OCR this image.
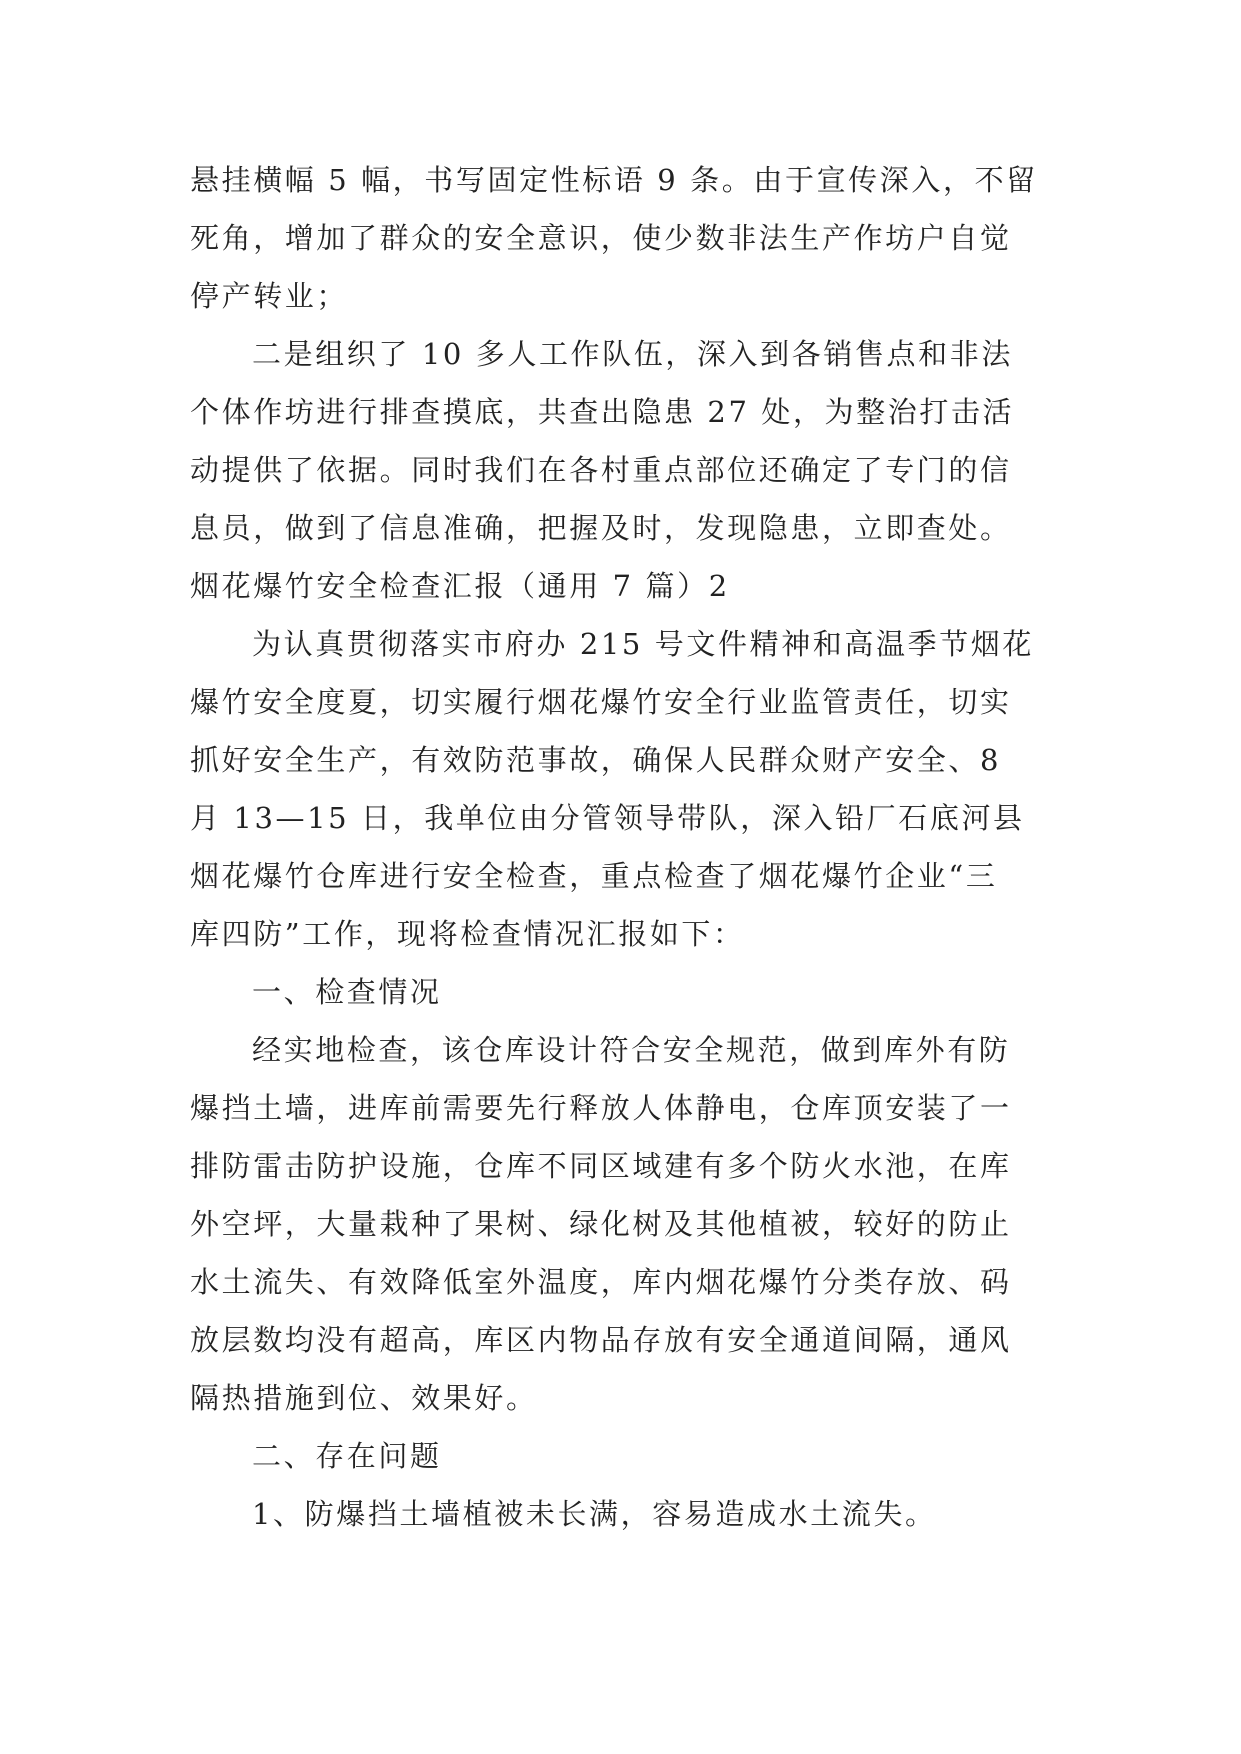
悬挂横幅 5 幅，书写固定性标语 9 条。由于宣传深入，不留
死角，增加了群众的安全意识，使少数非法生产作坊户自觉
停产转业；
二是组织了 10 多人工作队伍，深入到各销售点和非法
个体作坊进行排查摸底，共查出隐患 27 处，为整治打击活
动提供了依据。同时我们在各村重点部位还确定了专门的信
息员，做到了信息准确，把握及时，发现隐患，立即查处。
烟花爆竹安全检查汇报（通用 7 篇）2
为认真贯彻落实市府办 215 号文件精神和高温季节烟花
爆竹安全度夏，切实履行烟花爆竹安全行业监管责任，切实
抓好安全生产，有效防范事故，确保人民群众财产安全、8
月 13—15 日，我单位由分管领导带队，深入铅厂石底河县
烟花爆竹仓库进行安全检查，重点检查了烟花爆竹企业“三
库四防”工作，现将检查情况汇报如下：
一、检查情况
经实地检查，该仓库设计符合安全规范，做到库外有防
爆挡土墙，进库前需要先行释放人体静电，仓库顶安装了一
排防雷击防护设施，仓库不同区域建有多个防火水池，在库
外空坪，大量栽种了果树、绿化树及其他植被，较好的防止
水土流失、有效降低室外温度，库内烟花爆竹分类存放、码
放层数均没有超高，库区内物品存放有安全通道间隔，通风
隔热措施到位、效果好。
二、存在问题
1、防爆挡土墙植被未长满，容易造成水土流失。
